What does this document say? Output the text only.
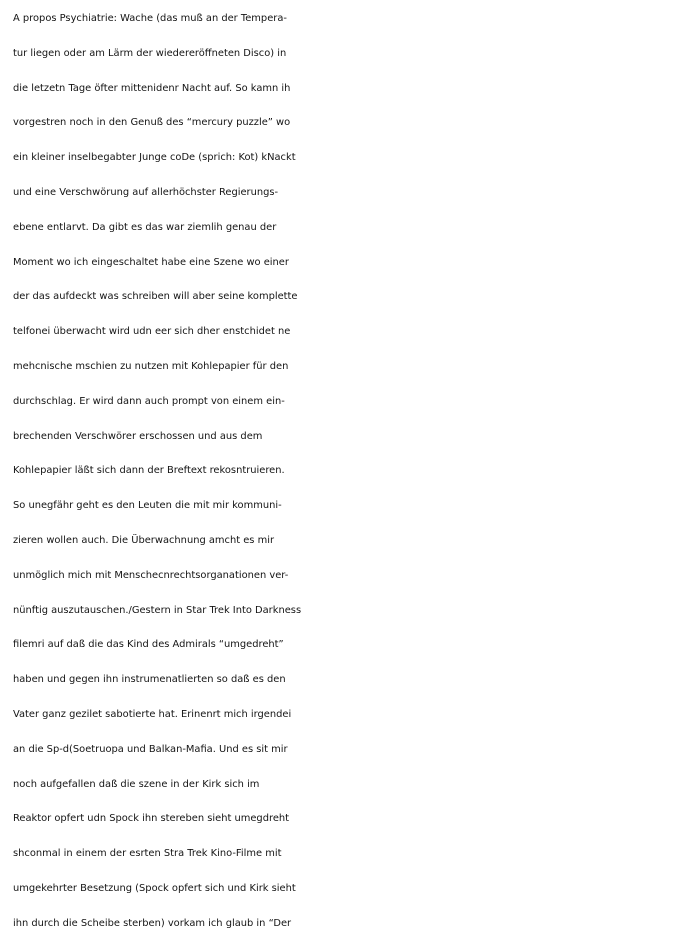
A propos Psychiatrie: Wache (das muß an der Tempera-
tur liegen oder am Lärm der wiedereröffneten Disco) in
die letzetn Tage öfter mittenidenr Nacht auf. So kamn ih
vorgestren noch in den Genuß des “mercury puzzle” wo
ein kleiner inselbegabter Junge coDe (sprich: Kot) kNackt
und eine Verschwörung auf allerhöchster Regierungs-
ebene entlarvt. Da gibt es das war ziemlih genau der
Moment wo ich eingeschaltet habe eine Szene wo einer
der das aufdeckt was schreiben will aber seine komplette
telfonei überwacht wird udn eer sich dher enstchidet ne
mehcnische mschien zu nutzen mit Kohlepapier für den
durchschlag. Er wird dann auch prompt von einem ein-
brechenden Verschwörer erschossen und aus dem
Kohlepapier läßt sich dann der Breftext rekosntruieren.
So unegfähr geht es den Leuten die mit mir kommuni-
zieren wollen auch. Die Überwachnung amcht es mir
unmöglich mich mit Menschecnrechtsorganationen ver-
nünftig auszutauschen./Gestern in Star Trek Into Darkness
filemri auf daß die das Kind des Admirals “umgedreht”
haben und gegen ihn instrumenatlierten so daß es den
Vater ganz gezilet sabotierte hat. Erinenrt mich irgendei
an die Sp-d(Soetruopa und Balkan-Mafia. Und es sit mir
noch aufgefallen daß die szene in der Kirk sich im
Reaktor opfert udn Spock ihn stereben sieht umegdreht
shconmal in einem der esrten Stra Trek Kino-Filme mit
umgekehrter Besetzung (Spock opfert sich und Kirk sieht
ihn durch die Scheibe sterben) vorkam ich glaub in “Der
